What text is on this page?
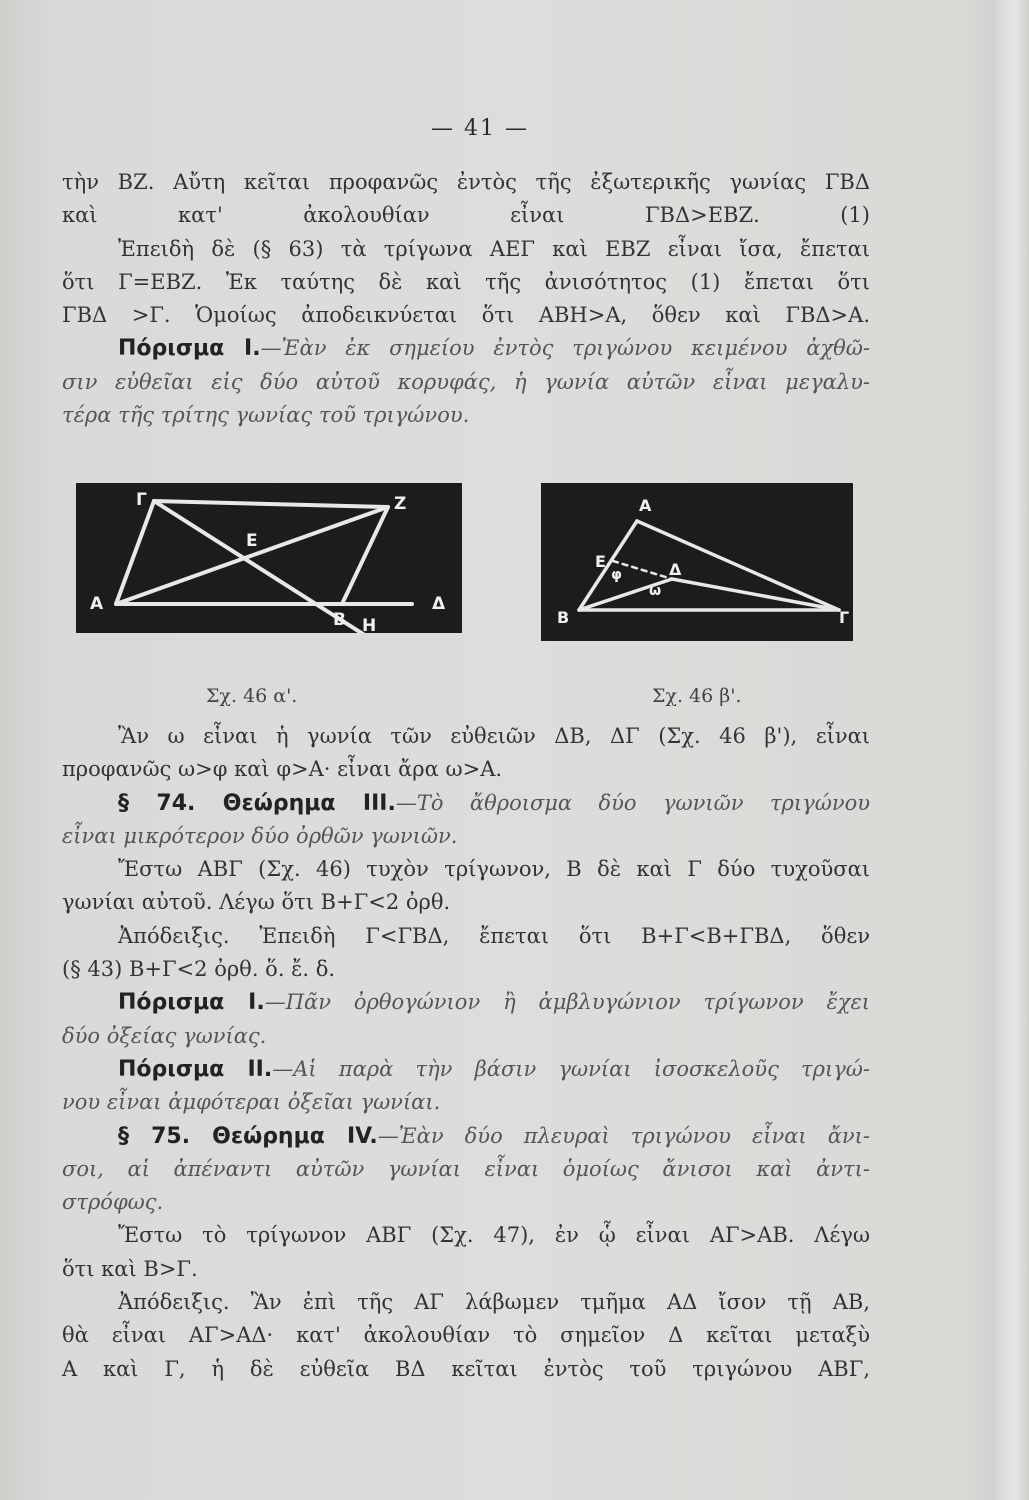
— 41 —
τὴν ΒΖ. Αὔτη κεῖται προφανῶς ἐντὸς τῆς ἐξωτερικῆς γωνίας ΓΒΔ
καὶ κατ' ἀκολουθίαν εἶναι ΓΒΔ>ΕΒΖ. (1)
Ἐπειδὴ δὲ (§ 63) τὰ τρίγωνα ΑΕΓ καὶ ΕΒΖ εἶναι ἴσα, ἔπεται
ὅτι Γ=ΕΒΖ. Ἐκ ταύτης δὲ καὶ τῆς ἀνισότητος (1) ἔπεται ὅτι
ΓΒΔ >Γ. Ὁμοίως ἀποδεικνύεται ὅτι ΑΒΗ>Α, ὅθεν καὶ ΓΒΔ>Α.
Πόρισμα Ι.—Ἐὰν ἐκ σημείου ἐντὸς τριγώνου κειμένου ἀχθῶ-
σιν εὐθεῖαι εἰς δύο αὐτοῦ κορυφάς, ἡ γωνία αὐτῶν εἶναι μεγαλυ-
τέρα τῆς τρίτης γωνίας τοῦ τριγώνου.
Γ	Ζ
Ε
Α
Β
Δ
Η
Α
Ε
φ	Δ
ω
Β	Γ
Σχ. 46 α'.	Σχ. 46 β'.
Ἂν ω εἶναι ἡ γωνία τῶν εὐθειῶν ΔΒ, ΔΓ (Σχ. 46 β'), εἶναι
προφανῶς ω>φ καὶ φ>Α· εἶναι ἄρα ω>Α.
§ 74. Θεώρημα ΙΙΙ.—Τὸ ἄθροισμα δύο γωνιῶν τριγώνου
εἶναι μικρότερον δύο ὀρθῶν γωνιῶν.
Ἔστω ΑΒΓ (Σχ. 46) τυχὸν τρίγωνον, Β δὲ καὶ Γ δύο τυχοῦσαι
γωνίαι αὐτοῦ. Λέγω ὅτι Β+Γ<2 ὀρθ.
Ἀπόδειξις. Ἐπειδὴ Γ<ΓΒΔ, ἔπεται ὅτι Β+Γ<Β+ΓΒΔ, ὅθεν
(§ 43) Β+Γ<2 ὀρθ. ὅ. ἔ. δ.
Πόρισμα Ι.—Πᾶν ὀρθογώνιον ἢ ἀμβλυγώνιον τρίγωνον ἔχει
δύο ὀξείας γωνίας.
Πόρισμα ΙΙ.—Αἱ παρὰ τὴν βάσιν γωνίαι ἰσοσκελοῦς τριγώ-
νου εἶναι ἀμφότεραι ὀξεῖαι γωνίαι.
§ 75. Θεώρημα ΙV.—Ἐὰν δύο πλευραὶ τριγώνου εἶναι ἄνι-
σοι, αἱ ἀπέναντι αὐτῶν γωνίαι εἶναι ὁμοίως ἄνισοι καὶ ἀντι-
στρόφως.
Ἔστω τὸ τρίγωνον ΑΒΓ (Σχ. 47), ἐν ᾧ εἶναι ΑΓ>ΑΒ. Λέγω
ὅτι καὶ Β>Γ.
Ἀπόδειξις. Ἂν ἐπὶ τῆς ΑΓ λάβωμεν τμῆμα ΑΔ ἴσον τῇ ΑΒ,
θὰ εἶναι ΑΓ>ΑΔ· κατ' ἀκολουθίαν τὸ σημεῖον Δ κεῖται μεταξὺ
Α καὶ Γ, ἡ δὲ εὐθεῖα ΒΔ κεῖται ἐντὸς τοῦ τριγώνου ΑΒΓ,
